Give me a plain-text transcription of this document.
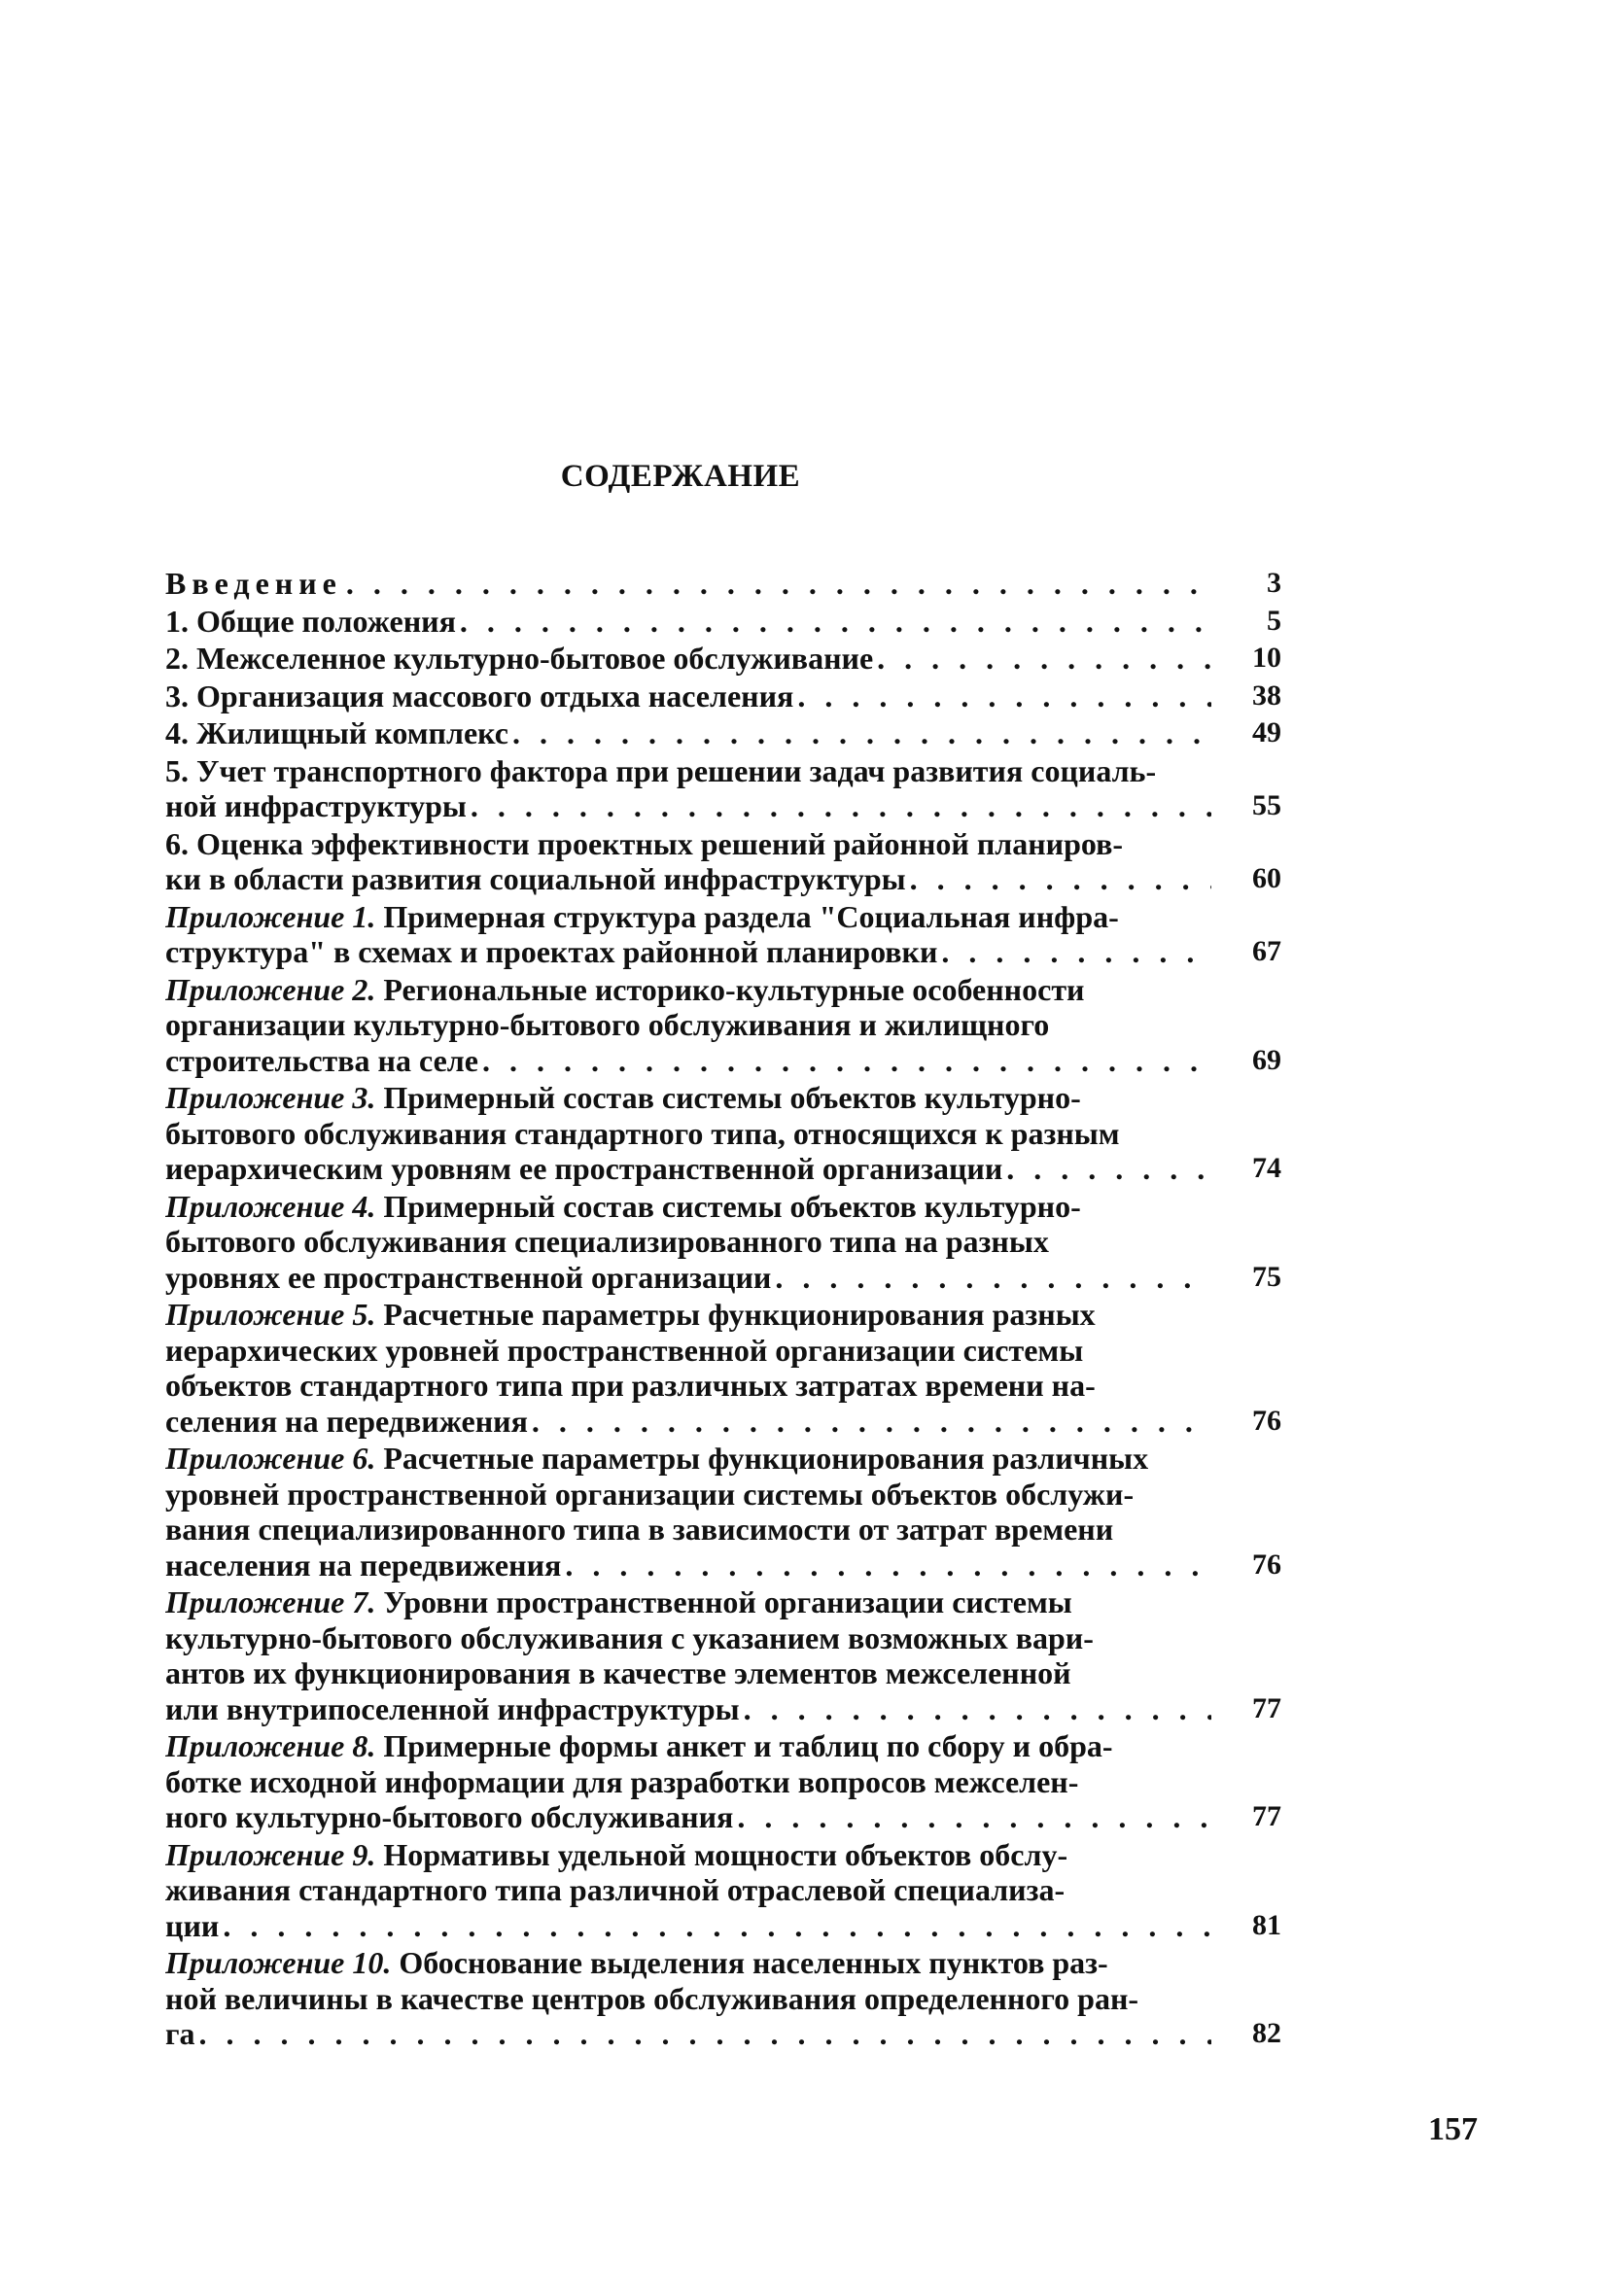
СОДЕРЖАНИЕ
Введение . . .	3
1. Общие положения . . .	5
2. Межселенное культурно-бытовое обслуживание . . .	10
3. Организация массового отдыха населения . . .	38
4. Жилищный комплекс . . .	49
5. Учет транспортного фактора при решении задач развития социаль-
ной инфраструктуры . . .	55
6. Оценка эффективности проектных решений районной планиров-
ки в области развития социальной инфраструктуры . . .	60
Приложение 1. Примерная структура раздела "Социальная инфра-
структура" в схемах и проектах районной планировки . . .	67
Приложение 2. Региональные историко-культурные особенности
организации культурно-бытового обслуживания и жилищного
строительства на селе . . .	69
Приложение 3. Примерный состав системы объектов культурно-
бытового обслуживания стандартного типа, относящихся к разным
иерархическим уровням ее пространственной организации . . .	74
Приложение 4. Примерный состав системы объектов культурно-
бытового обслуживания специализированного типа на разных
уровнях ее пространственной организации . . .	75
Приложение 5. Расчетные параметры функционирования разных
иерархических уровней пространственной организации системы
объектов стандартного типа при различных затратах времени на-
селения на передвижения . . .	76
Приложение 6. Расчетные параметры функционирования различных
уровней пространственной организации системы объектов обслужи-
вания специализированного типа в зависимости от затрат времени
населения на передвижения . . .	76
Приложение 7. Уровни пространственной организации системы
культурно-бытового обслуживания с указанием возможных вари-
антов их функционирования в качестве элементов межселенной
или внутрипоселенной инфраструктуры . . .	77
Приложение 8. Примерные формы анкет и таблиц по сбору и обра-
ботке исходной информации для разработки вопросов межселен-
ного культурно-бытового обслуживания . . .	77
Приложение 9. Нормативы удельной мощности объектов обслу-
живания стандартного типа различной отраслевой специализа-
ции . . .	81
Приложение 10. Обоснование выделения населенных пунктов раз-
ной величины в качестве центров обслуживания определенного ран-
га . . .	82
157
